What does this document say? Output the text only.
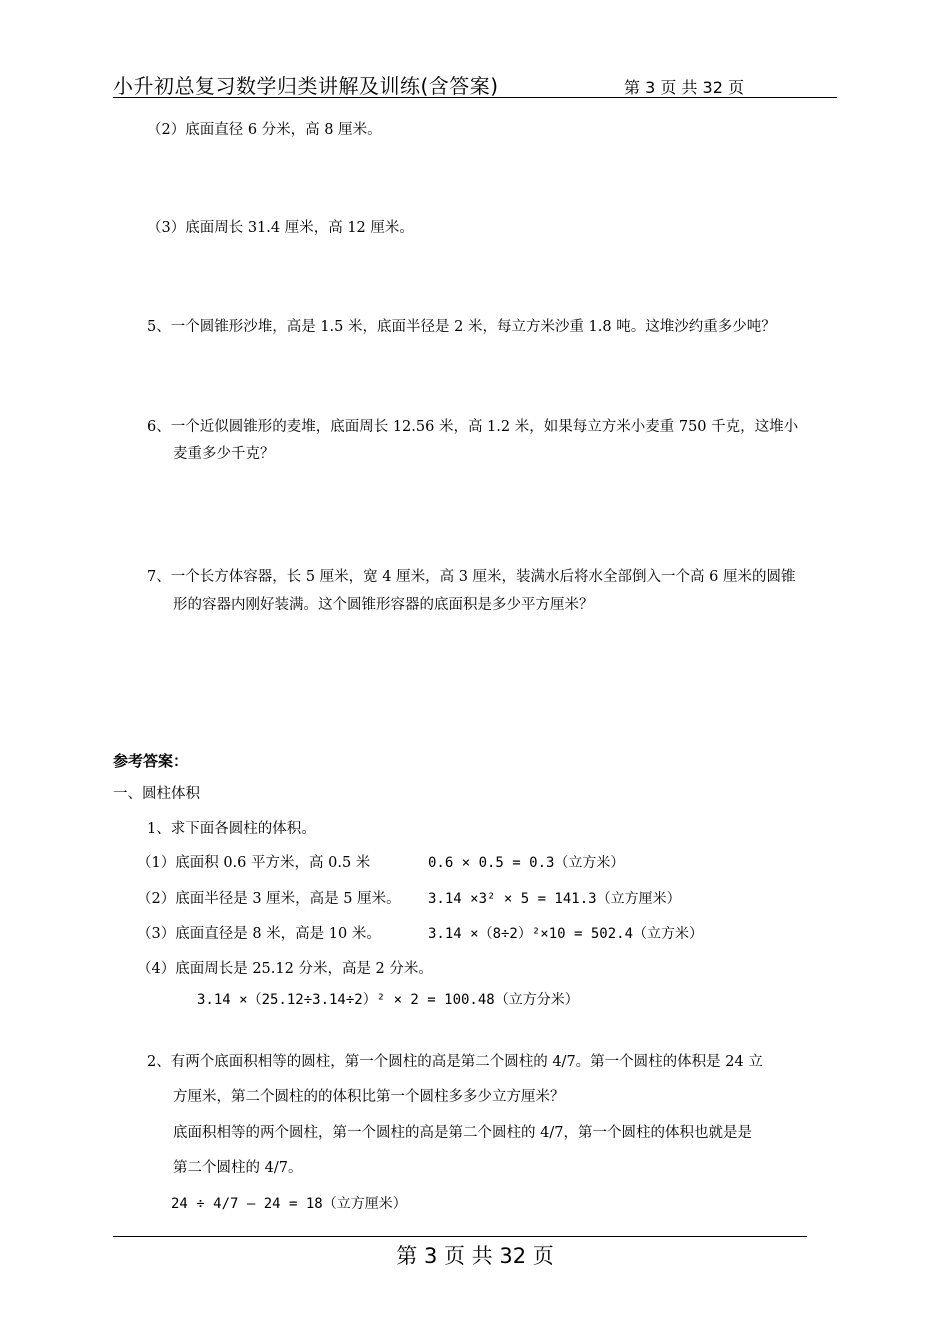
小升初总复习数学归类讲解及训练(含答案)	第 3 页 共 32 页
（2）底面直径 6 分米，高 8 厘米。
（3）底面周长 31.4 厘米，高 12 厘米。
5、一个圆锥形沙堆，高是 1.5 米，底面半径是 2 米，每立方米沙重 1.8 吨。这堆沙约重多少吨？
6、一个近似圆锥形的麦堆，底面周长 12.56 米，高 1.2 米，如果每立方米小麦重 750 千克，这堆小
麦重多少千克？
7、一个长方体容器，长 5 厘米，宽 4 厘米，高 3 厘米，装满水后将水全部倒入一个高 6 厘米的圆锥
形的容器内刚好装满。这个圆锥形容器的底面积是多少平方厘米？
参考答案：
一、圆柱体积
1、求下面各圆柱的体积。
（1）底面积 0.6 平方米，高 0.5 米	0.6 × 0.5 = 0.3（立方米）
（2）底面半径是 3 厘米，高是 5 厘米。 3.14 ×3² × 5 = 141.3（立方厘米）
（3）底面直径是 8 米，高是 10 米。	3.14 ×（8÷2）²×10 = 502.4（立方米）
（4）底面周长是 25.12 分米，高是 2 分米。
3.14 ×（25.12÷3.14÷2）² × 2 = 100.48（立方分米）
2、有两个底面积相等的圆柱，第一个圆柱的高是第二个圆柱的 4/7。第一个圆柱的体积是 24 立
方厘米，第二个圆柱的的体积比第一个圆柱多多少立方厘米？
底面积相等的两个圆柱，第一个圆柱的高是第二个圆柱的 4/7，第一个圆柱的体积也就是是
第二个圆柱的 4/7。
24 ÷ 4/7 – 24 = 18（立方厘米）
第 3 页 共 32 页
